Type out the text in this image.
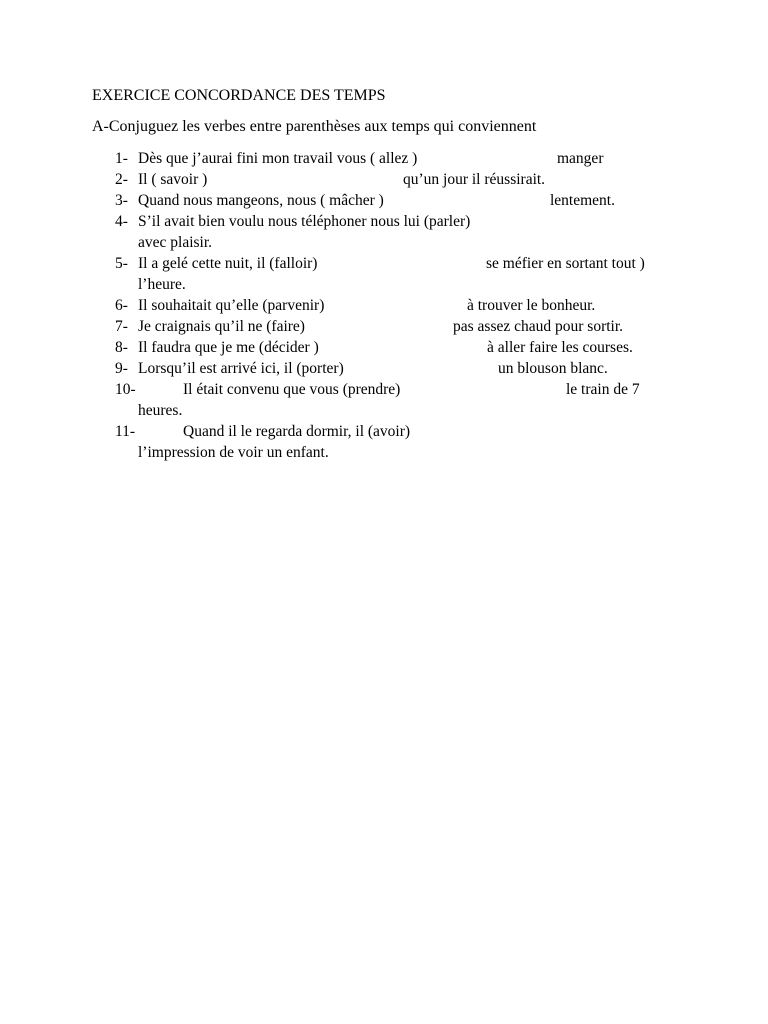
EXERCICE CONCORDANCE DES TEMPS
A-Conjuguez les verbes entre parenthèses aux temps qui conviennent
1- Dès que j’aurai fini mon travail vous ( allez )	manger
2- Il ( savoir )	qu’un jour il réussirait.
3- Quand nous mangeons, nous ( mâcher )	lentement.
4- S’il avait bien voulu nous téléphoner nous lui (parler)
avec plaisir.
5- Il a gelé cette nuit, il (falloir)	se méfier en sortant tout )
l’heure.
6- Il souhaitait qu’elle (parvenir)	à trouver le bonheur.
7- Je craignais qu’il ne (faire)	pas assez chaud pour sortir.
8- Il faudra que je me (décider )	à aller faire les courses.
9- Lorsqu’il est arrivé ici, il (porter)	un blouson blanc.
10-	Il était convenu que vous (prendre)	le train de 7
heures.
11-	Quand il le regarda dormir, il (avoir)
l’impression de voir un enfant.
